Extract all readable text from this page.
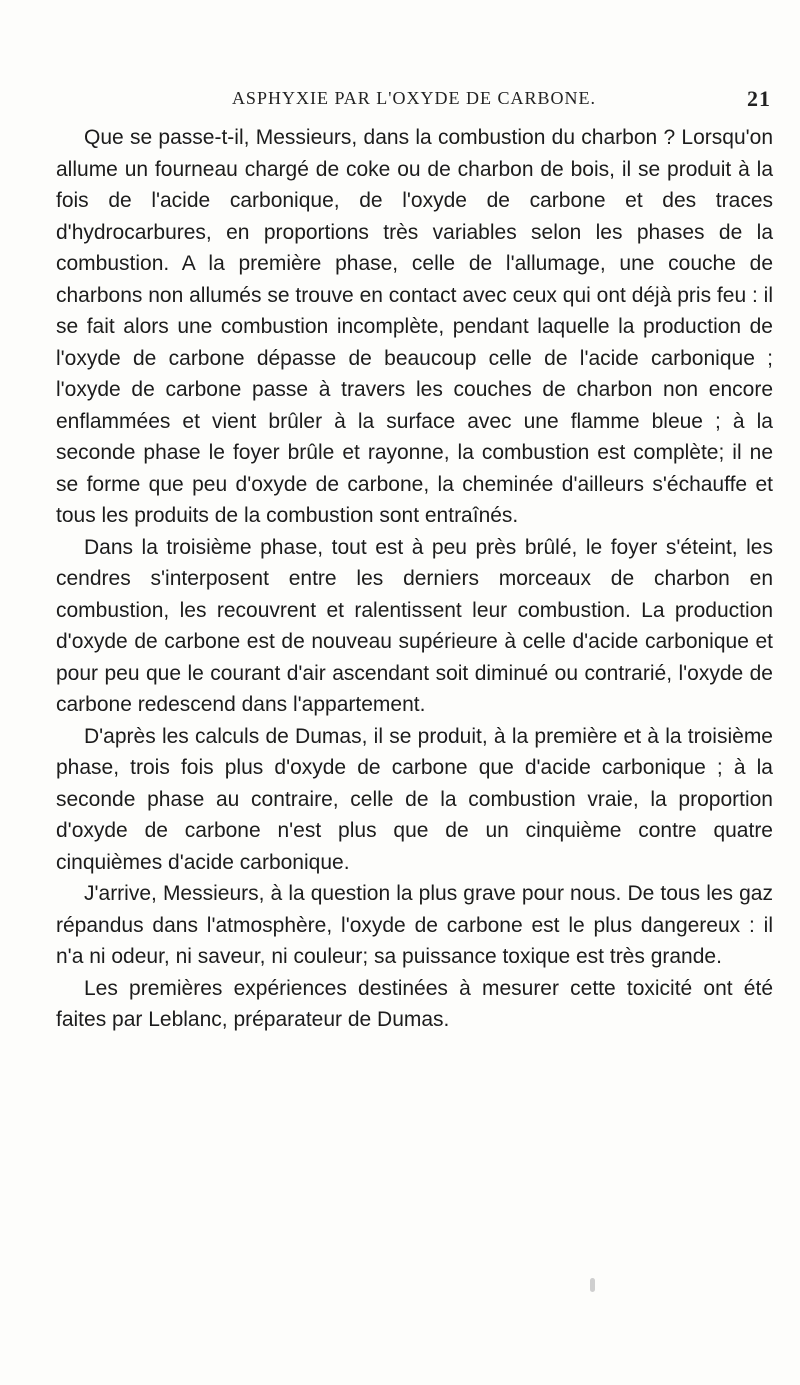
ASPHYXIE PAR L'OXYDE DE CARBONE.	21

Que se passe-t-il, Messieurs, dans la combustion du charbon ? Lorsqu'on allume un fourneau chargé de coke ou de charbon de bois, il se produit à la fois de l'acide carbonique, de l'oxyde de carbone et des traces d'hydrocarbures, en proportions très variables selon les phases de la combustion. A la première phase, celle de l'allumage, une couche de charbons non allumés se trouve en contact avec ceux qui ont déjà pris feu : il se fait alors une combustion incomplète, pendant laquelle la production de l'oxyde de carbone dépasse de beaucoup celle de l'acide carbonique ; l'oxyde de carbone passe à travers les couches de charbon non encore enflammées et vient brûler à la surface avec une flamme bleue ; à la seconde phase le foyer brûle et rayonne, la combustion est complète; il ne se forme que peu d'oxyde de carbone, la cheminée d'ailleurs s'échauffe et tous les produits de la combustion sont entraînés.

Dans la troisième phase, tout est à peu près brûlé, le foyer s'éteint, les cendres s'interposent entre les derniers morceaux de charbon en combustion, les recouvrent et ralentissent leur combustion. La production d'oxyde de carbone est de nouveau supérieure à celle d'acide carbonique et pour peu que le courant d'air ascendant soit diminué ou contrarié, l'oxyde de carbone redescend dans l'appartement.

D'après les calculs de Dumas, il se produit, à la première et à la troisième phase, trois fois plus d'oxyde de carbone que d'acide carbonique ; à la seconde phase au contraire, celle de la combustion vraie, la proportion d'oxyde de carbone n'est plus que de un cinquième contre quatre cinquièmes d'acide carbonique.

J'arrive, Messieurs, à la question la plus grave pour nous. De tous les gaz répandus dans l'atmosphère, l'oxyde de carbone est le plus dangereux : il n'a ni odeur, ni saveur, ni couleur; sa puissance toxique est très grande.

Les premières expériences destinées à mesurer cette toxicité ont été faites par Leblanc, préparateur de Dumas.
